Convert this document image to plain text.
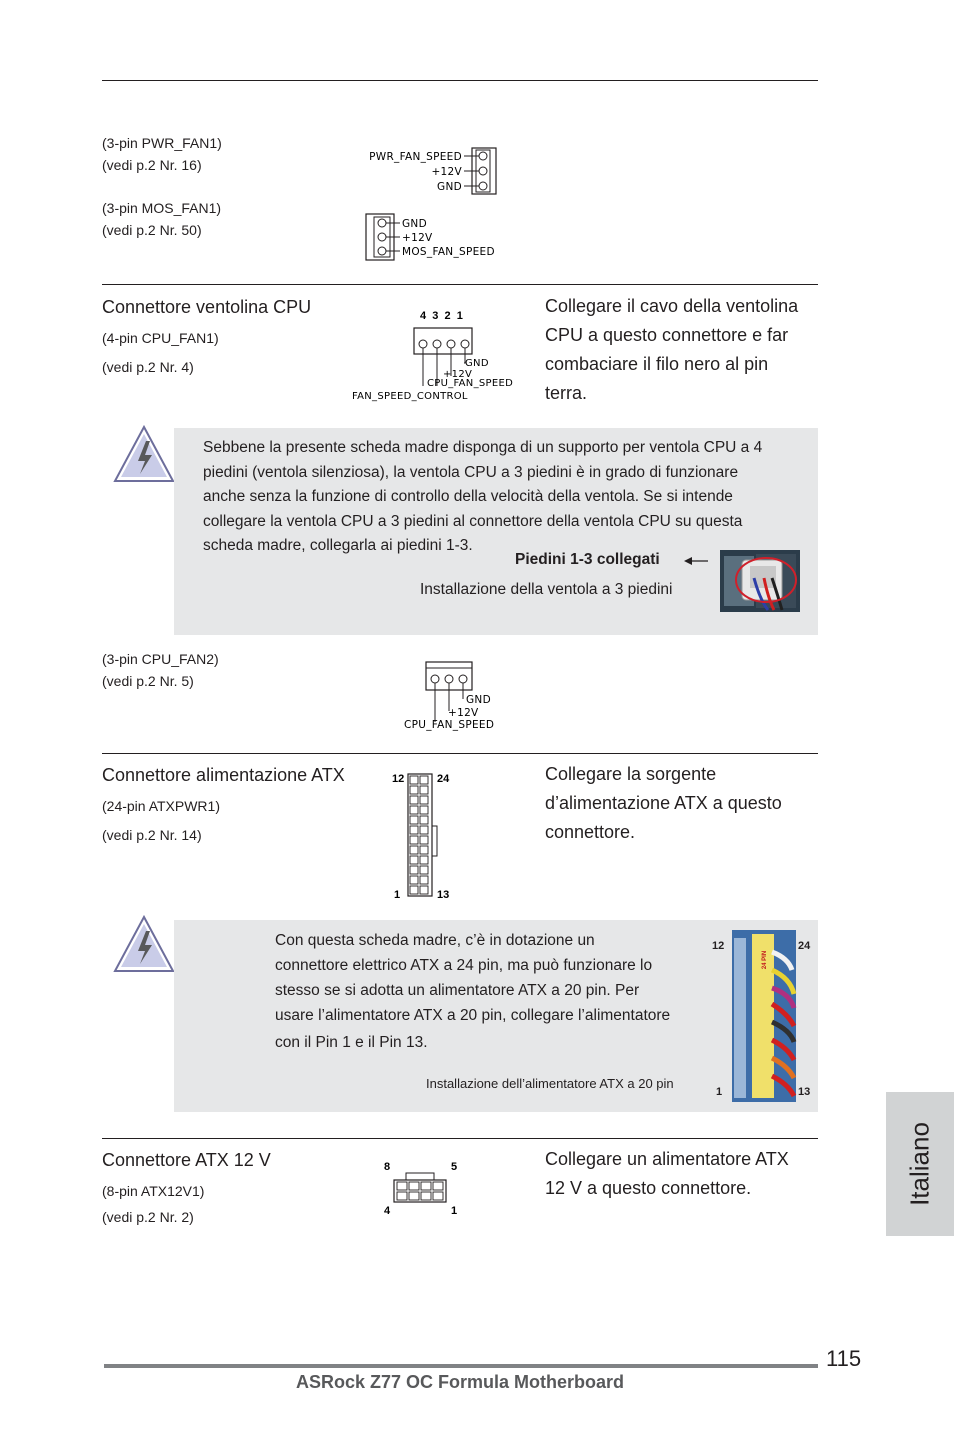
(3-pin PWR_FAN1)
(vedi p.2 Nr. 16)	PWR_FAN_SPEED
+12V
GND
(3-pin MOS_FAN1)
(vedi p.2 Nr. 50)	GND
+12V
MOS_FAN_SPEED
Connettore ventolina CPU
(4-pin CPU_FAN1)
(vedi p.2 Nr. 4)
4  3  2  1
GND
+12V
CPU_FAN_SPEED
FAN_SPEED_CONTROL
Collegare il cavo della ventolina
CPU a questo connettore e far
combaciare il filo nero al pin
terra.
Sebbene la presente scheda madre disponga di un supporto per ventola CPU a 4
piedini (ventola silenziosa), la ventola CPU a 3 piedini è in grado di funzionare
anche senza la funzione di controllo della velocità della ventola. Se si intende
collegare la ventola CPU a 3 piedini al connettore della ventola CPU su questa
scheda madre, collegarla ai piedini 1-3.
Piedini 1-3 collegati
Installazione della ventola a 3 piedini
(3-pin CPU_FAN2)
(vedi p.2 Nr. 5)
GND
+12V
CPU_FAN_SPEED
Connettore alimentazione ATX
(24-pin ATXPWR1)
(vedi p.2 Nr. 14)
12	24
1	13
Collegare la sorgente
d’alimentazione ATX a questo
connettore.
Con questa scheda madre, c’è in dotazione un
connettore elettrico ATX a 24 pin, ma può funzionare lo
stesso se si adotta un alimentatore ATX a 20 pin. Per
usare l’alimentatore ATX a 20 pin, collegare l’alimentatore
con il Pin 1 e il Pin 13.
Installazione dell’alimentatore ATX a 20 pin
12	24
1	13
24 PIN
Connettore ATX 12 V
(8-pin ATX12V1)
(vedi p.2 Nr. 2)
8	5
4	1
Collegare un alimentatore ATX
12 V a questo connettore.	Italiano
115
ASRock Z77 OC Formula Motherboard
